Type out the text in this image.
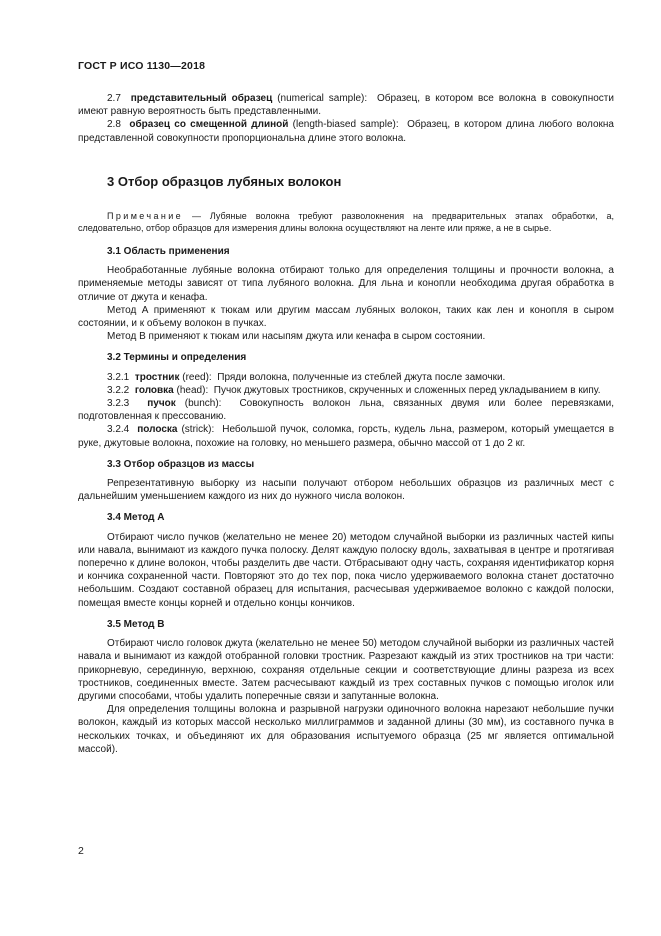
ГОСТ Р ИСО 1130—2018

2.7 представительный образец (numerical sample): Образец, в котором все волокна в совокупности имеют равную вероятность быть представленными.

2.8 образец со смещенной длиной (length-biased sample): Образец, в котором длина любого волокна представленной совокупности пропорциональна длине этого волокна.

3 Отбор образцов лубяных волокон

Примечание — Лубяные волокна требуют разволокнения на предварительных этапах обработки, а, следовательно, отбор образцов для измерения длины волокна осуществляют на ленте или пряже, а не в сырье.

3.1 Область применения

Необработанные лубяные волокна отбирают только для определения толщины и прочности волокна, а применяемые методы зависят от типа лубяного волокна. Для льна и конопли необходима другая обработка в отличие от джута и кенафа.

Метод А применяют к тюкам или другим массам лубяных волокон, таких как лен и конопля в сыром состоянии, и к объему волокон в пучках.

Метод В применяют к тюкам или насыпям джута или кенафа в сыром состоянии.

3.2 Термины и определения

3.2.1 тростник (reed): Пряди волокна, полученные из стеблей джута после замочки.

3.2.2 головка (head): Пучок джутовых тростников, скрученных и сложенных перед укладыванием в кипу.

3.2.3 пучок (bunch): Совокупность волокон льна, связанных двумя или более перевязками, подготовленная к прессованию.

3.2.4 полоска (strick): Небольшой пучок, соломка, горсть, кудель льна, размером, который умещается в руке, джутовые волокна, похожие на головку, но меньшего размера, обычно массой от 1 до 2 кг.

3.3 Отбор образцов из массы

Репрезентативную выборку из насыпи получают отбором небольших образцов из различных мест с дальнейшим уменьшением каждого из них до нужного числа волокон.

3.4 Метод А

Отбирают число пучков (желательно не менее 20) методом случайной выборки из различных частей кипы или навала, вынимают из каждого пучка полоску. Делят каждую полоску вдоль, захватывая в центре и протягивая поперечно к длине волокон, чтобы разделить две части. Отбрасывают одну часть, сохраняя идентификатор корня и кончика сохраненной части. Повторяют это до тех пор, пока число удерживаемого волокна станет достаточно небольшим. Создают составной образец для испытания, расчесывая удерживаемое волокно с каждой полоски, помещая вместе концы корней и отдельно концы кончиков.

3.5 Метод В

Отбирают число головок джута (желательно не менее 50) методом случайной выборки из различных частей навала и вынимают из каждой отобранной головки тростник. Разрезают каждый из этих тростников на три части: прикорневую, серединную, верхнюю, сохраняя отдельные секции и соответствующие длины разреза из всех тростников, соединенных вместе. Затем расчесывают каждый из трех составных пучков с помощью иголок или другими способами, чтобы удалить поперечные связи и запутанные волокна.

Для определения толщины волокна и разрывной нагрузки одиночного волокна нарезают небольшие пучки волокон, каждый из которых массой несколько миллиграммов и заданной длины (30 мм), из составного пучка в нескольких точках, и объединяют их для образования испытуемого образца (25 мг является оптимальной массой).

2
